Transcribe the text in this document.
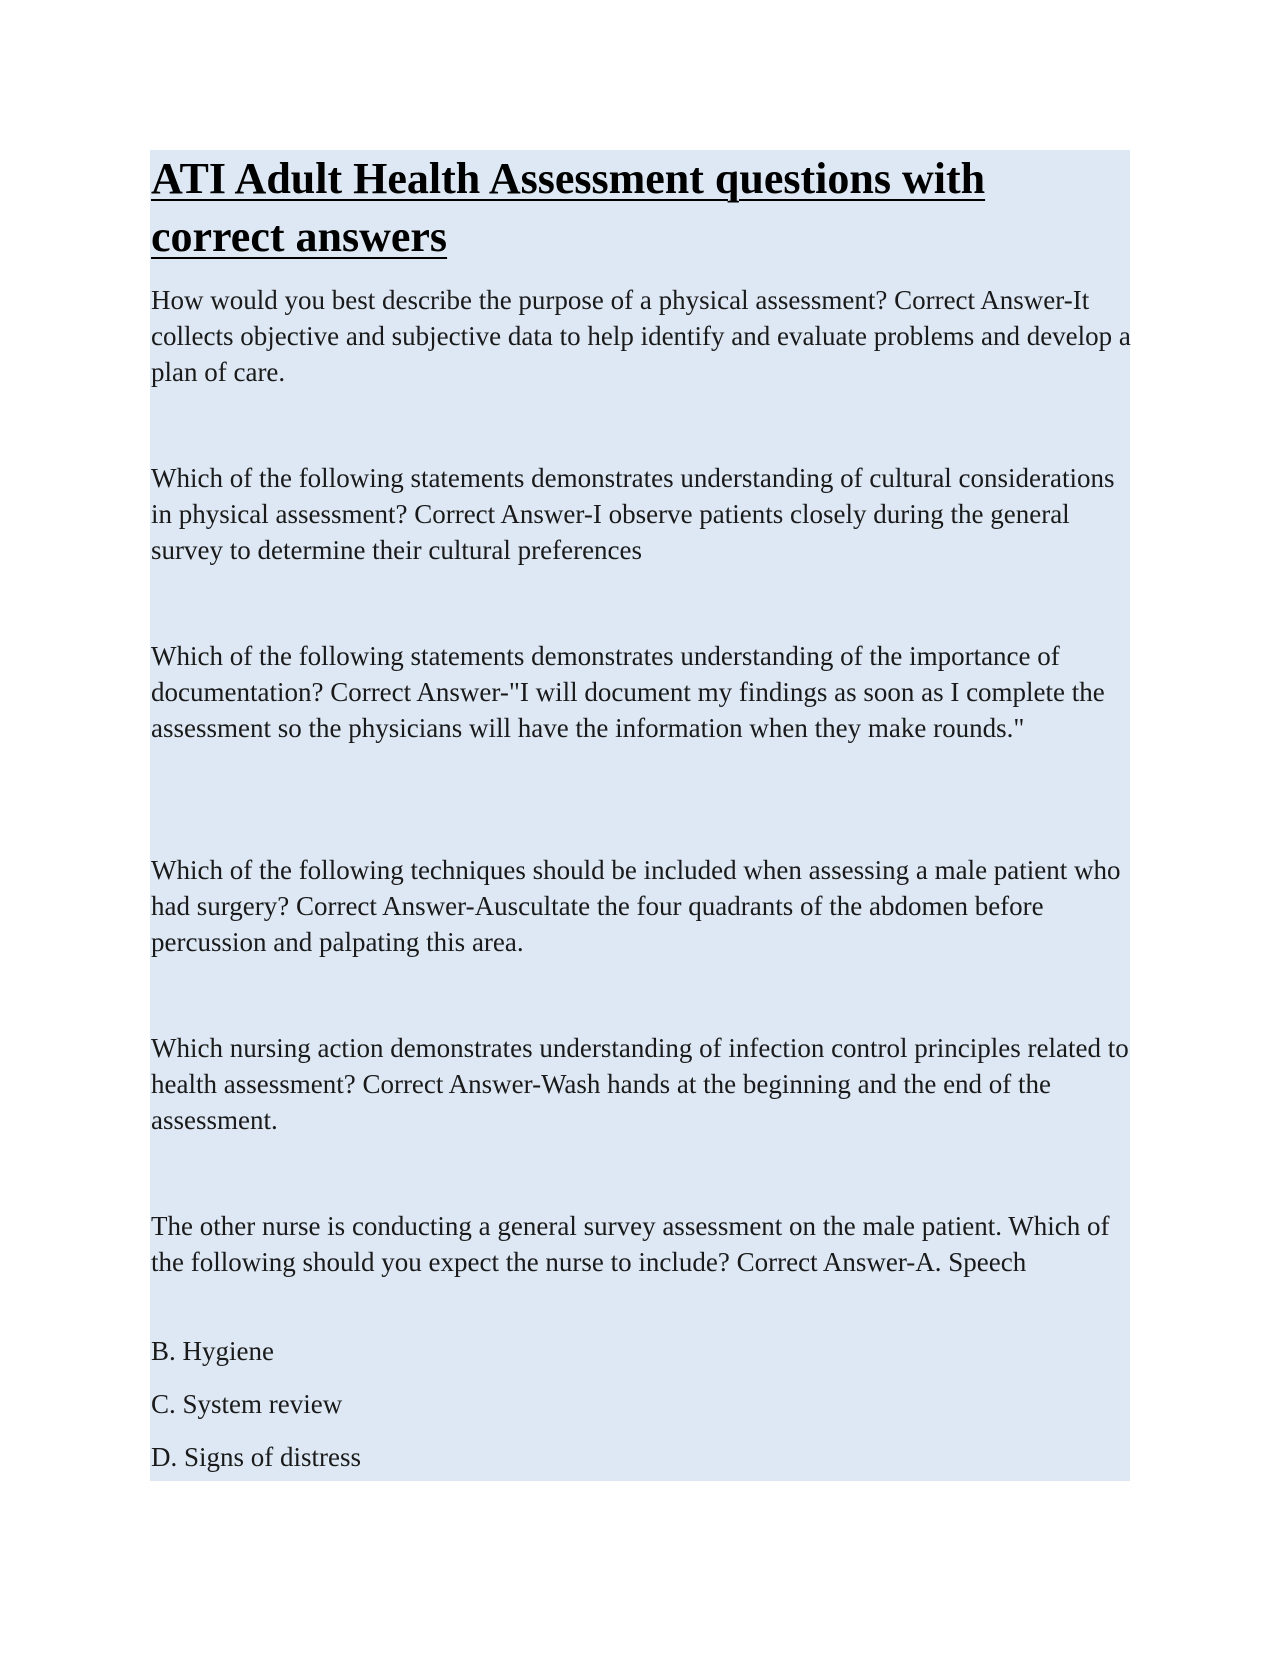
ATI Adult Health Assessment questions with correct answers

How would you best describe the purpose of a physical assessment? Correct Answer-It collects objective and subjective data to help identify and evaluate problems and develop a plan of care.

Which of the following statements demonstrates understanding of cultural considerations in physical assessment? Correct Answer-I observe patients closely during the general survey to determine their cultural preferences

Which of the following statements demonstrates understanding of the importance of documentation? Correct Answer-"I will document my findings as soon as I complete the assessment so the physicians will have the information when they make rounds."

Which of the following techniques should be included when assessing a male patient who had surgery? Correct Answer-Auscultate the four quadrants of the abdomen before percussion and palpating this area.

Which nursing action demonstrates understanding of infection control principles related to health assessment? Correct Answer-Wash hands at the beginning and the end of the assessment.

The other nurse is conducting a general survey assessment on the male patient. Which of the following should you expect the nurse to include? Correct Answer-A. Speech

B. Hygiene

C. System review

D. Signs of distress
